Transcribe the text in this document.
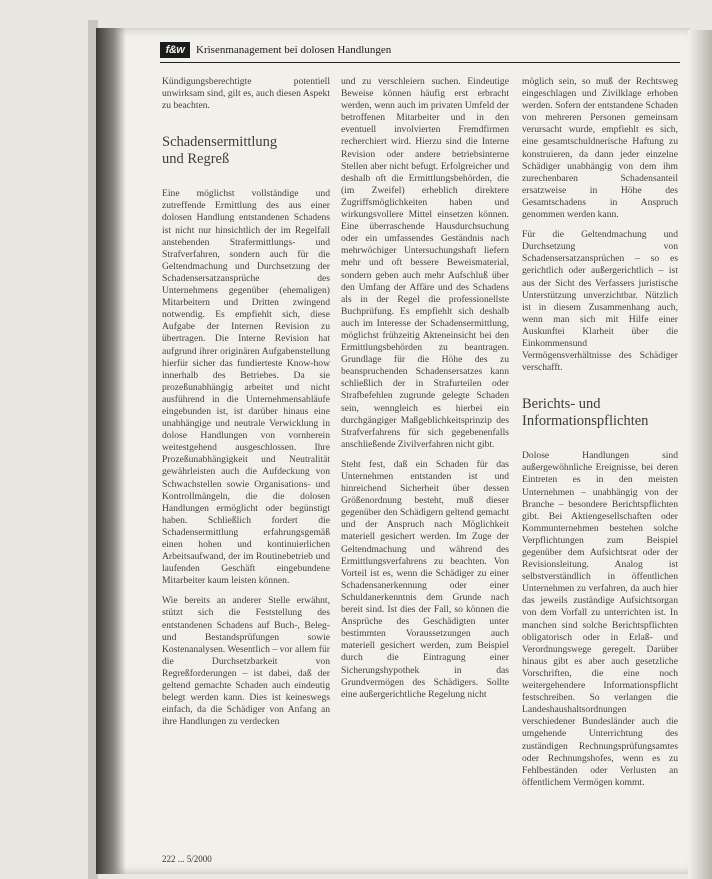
f&w	Krisenmanagement bei dolosen Handlungen

Kündigungsberechtigte potentiell unwirksam sind, gilt es, auch diesen Aspekt zu beachten.

Schadensermittlung
und Regreß

Eine möglichst vollständige und zutreffende Ermittlung des aus einer dolosen Handlung entstandenen Schadens ist nicht nur hinsichtlich der im Regelfall anstehenden Strafermittlungs- und Strafverfahren, sondern auch für die Geltendmachung und Durchsetzung der Schadensersatzansprüche des Unternehmens gegenüber (ehemaligen) Mitarbeitern und Dritten zwingend notwendig. Es empfiehlt sich, diese Aufgabe der Internen Revision zu übertragen. Die Interne Revision hat aufgrund ihrer originären Aufgabenstellung hierfür sicher das fundierteste Know-how innerhalb des Betriebes. Da sie prozeßunabhängig arbeitet und nicht ausführend in die Unternehmensabläufe eingebunden ist, ist darüber hinaus eine unabhängige und neutrale Verwicklung in dolose Handlungen von vornherein weitestgehend ausgeschlossen. Ihre Prozeßunabhängigkeit und Neutralität gewährleisten auch die Aufdeckung von Schwachstellen sowie Organisations- und Kontrollmängeln, die die dolosen Handlungen ermöglicht oder begünstigt haben. Schließlich fordert die Schadensermittlung erfahrungsgemäß einen hohen und kontinuierlichen Arbeitsaufwand, der im Routinebetrieb und laufenden Geschäft eingebundene Mitarbeiter kaum leisten können.

Wie bereits an anderer Stelle erwähnt, stützt sich die Feststellung des entstandenen Schadens auf Buch-, Beleg- und Bestandsprüfungen sowie Kostenanalysen. Wesentlich – vor allem für die Durchsetzbarkeit von Regreßforderungen – ist dabei, daß der geltend gemachte Schaden auch eindeutig belegt werden kann. Dies ist keineswegs einfach, da die Schädiger von Anfang an ihre Handlungen zu verdecken

und zu verschleiern suchen. Eindeutige Beweise können häufig erst erbracht werden, wenn auch im privaten Umfeld der betroffenen Mitarbeiter und in den eventuell involvierten Fremdfirmen recherchiert wird. Hierzu sind die Interne Revision oder andere betriebsinterne Stellen aber nicht befugt. Erfolgreicher und deshalb oft die Ermittlungsbehörden, die (im Zweifel) erheblich direktere Zugriffsmöglichkeiten haben und wirkungsvollere Mittel einsetzen können. Eine überraschende Hausdurchsuchung oder ein umfassendes Geständnis nach mehrwöchiger Untersuchungshaft liefern mehr und oft bessere Beweismaterial, sondern geben auch mehr Aufschluß über den Umfang der Affäre und des Schadens als in der Regel die professionellste Buchprüfung. Es empfiehlt sich deshalb auch im Interesse der Schadensermittlung, möglichst frühzeitig Akteneinsicht bei den Ermittlungsbehörden zu beantragen. Grundlage für die Höhe des zu beanspruchenden Schadensersatzes kann schließlich der in Strafurteilen oder Strafbefehlen zugrunde gelegte Schaden sein, wenngleich es hierbei ein durchgängiger Maßgeblichkeitsprinzip des Strafverfahrens für sich gegebenenfalls anschließende Zivilverfahren nicht gibt.

Steht fest, daß ein Schaden für das Unternehmen entstanden ist und hinreichend Sicherheit über dessen Größenordnung besteht, muß dieser gegenüber den Schädigern geltend gemacht und der Anspruch nach Möglichkeit materiell gesichert werden. Im Zuge der Geltendmachung und während des Ermittlungsverfahrens zu beachten. Von Vorteil ist es, wenn die Schädiger zu einer Schadensanerkennung oder einer Schuldanerkenntnis dem Grunde nach bereit sind. Ist dies der Fall, so können die Ansprüche des Geschädigten unter bestimmten Voraussetzungen auch materiell gesichert werden, zum Beispiel durch die Eintragung einer Sicherungshypothek in das Grundvermögen des Schädigers. Sollte eine außergerichtliche Regelung nicht

möglich sein, so muß der Rechtsweg eingeschlagen und Zivilklage erhoben werden. Sofern der entstandene Schaden von mehreren Personen gemeinsam verursacht wurde, empfiehlt es sich, eine gesamtschuldnerische Haftung zu konstruieren, da dann jeder einzelne Schädiger unabhängig von dem ihm zurechenbaren Schadensanteil ersatzweise in Höhe des Gesamtschadens in Anspruch genommen werden kann.

Für die Geltendmachung und Durchsetzung von Schadensersatzansprüchen – so es gerichtlich oder außergerichtlich – ist aus der Sicht des Verfassers juristische Unterstützung unverzichtbar. Nützlich ist in diesem Zusammenhang auch, wenn man sich mit Hilfe einer Auskunftei Klarheit über die Einkommensund Vermögensverhältnisse des Schädiger verschafft.

Berichts- und
Informationspflichten

Dolose Handlungen sind außergewöhnliche Ereignisse, bei deren Eintreten es in den meisten Unternehmen – unabhängig von der Branche – besondere Berichtspflichten gibt. Bei Aktiengesellschaften oder Kommunternehmen bestehen solche Verpflichtungen zum Beispiel gegenüber dem Aufsichtsrat oder der Revisionsleitung. Analog ist selbstverständlich in öffentlichen Unternehmen zu verfahren, da auch hier das jeweils zuständige Aufsichtsorgan von dem Vorfall zu unterrichten ist. In manchen sind solche Berichtspflichten obligatorisch oder in Erlaß- und Verordnungswege geregelt. Darüber hinaus gibt es aber auch gesetzliche Vorschriften, die eine noch weitergehendere Informationspflicht festschreiben. So verlangen die Landeshaushaltsordnungen verschiedener Bundesländer auch die umgehende Unterrichtung des zuständigen Rechnungsprüfungsamtes oder Rechnungshofes, wenn es zu Fehlbeständen oder Verlusten an öffentlichem Vermögen kommt.

222 ... 5/2000
